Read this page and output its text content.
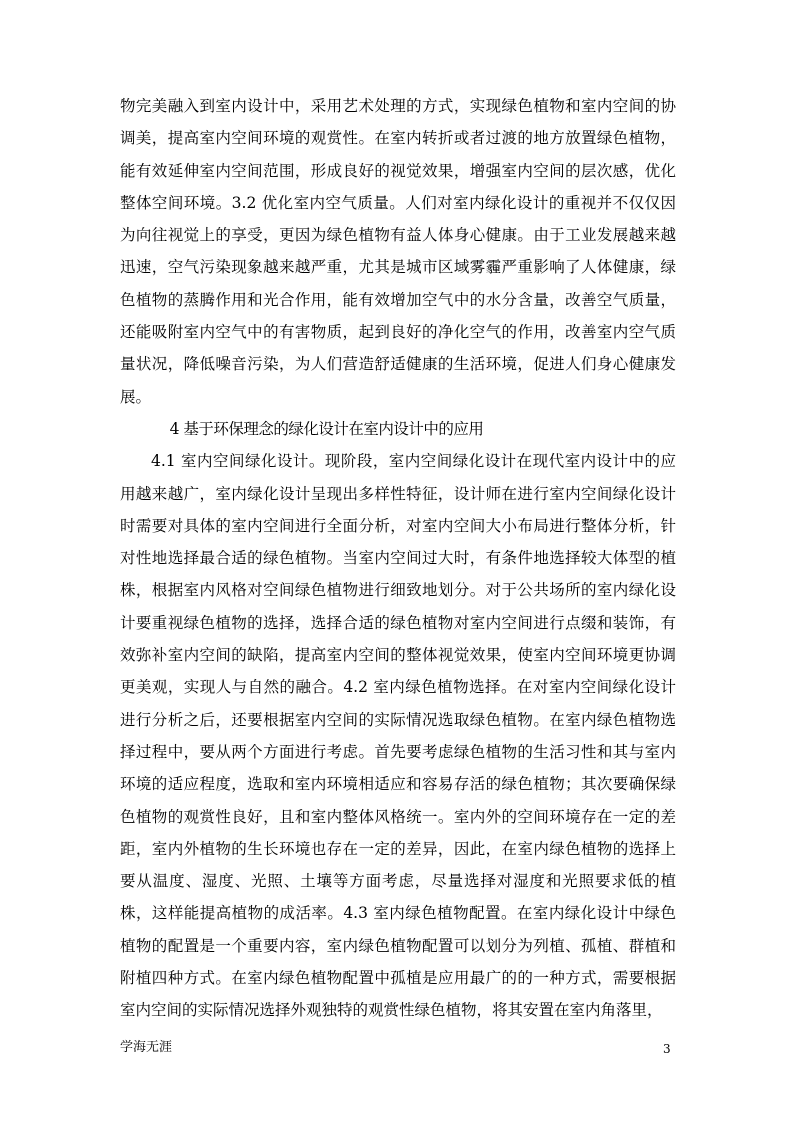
物完美融入到室内设计中，采用艺术处理的方式，实现绿色植物和室内空间的协调美，提高室内空间环境的观赏性。在室内转折或者过渡的地方放置绿色植物，能有效延伸室内空间范围，形成良好的视觉效果，增强室内空间的层次感，优化整体空间环境。3.2 优化室内空气质量。人们对室内绿化设计的重视并不仅仅因为向往视觉上的享受，更因为绿色植物有益人体身心健康。由于工业发展越来越迅速，空气污染现象越来越严重，尤其是城市区域雾霾严重影响了人体健康，绿色植物的蒸腾作用和光合作用，能有效增加空气中的水分含量，改善空气质量，还能吸附室内空气中的有害物质，起到良好的净化空气的作用，改善室内空气质量状况，降低噪音污染，为人们营造舒适健康的生活环境，促进人们身心健康发展。

4 基于环保理念的绿化设计在室内设计中的应用

4.1 室内空间绿化设计。现阶段，室内空间绿化设计在现代室内设计中的应用越来越广，室内绿化设计呈现出多样性特征，设计师在进行室内空间绿化设计时需要对具体的室内空间进行全面分析，对室内空间大小布局进行整体分析，针对性地选择最合适的绿色植物。当室内空间过大时，有条件地选择较大体型的植株，根据室内风格对空间绿色植物进行细致地划分。对于公共场所的室内绿化设计要重视绿色植物的选择，选择合适的绿色植物对室内空间进行点缀和装饰，有效弥补室内空间的缺陷，提高室内空间的整体视觉效果，使室内空间环境更协调更美观，实现人与自然的融合。4.2 室内绿色植物选择。在对室内空间绿化设计进行分析之后，还要根据室内空间的实际情况选取绿色植物。在室内绿色植物选择过程中，要从两个方面进行考虑。首先要考虑绿色植物的生活习性和其与室内环境的适应程度，选取和室内环境相适应和容易存活的绿色植物；其次要确保绿色植物的观赏性良好，且和室内整体风格统一。室内外的空间环境存在一定的差距，室内外植物的生长环境也存在一定的差异，因此，在室内绿色植物的选择上要从温度、湿度、光照、土壤等方面考虑，尽量选择对湿度和光照要求低的植株，这样能提高植物的成活率。4.3 室内绿色植物配置。在室内绿化设计中绿色植物的配置是一个重要内容，室内绿色植物配置可以划分为列植、孤植、群植和附植四种方式。在室内绿色植物配置中孤植是应用最广的的一种方式，需要根据室内空间的实际情况选择外观独特的观赏性绿色植物，将其安置在室内角落里，

学海无涯	3
